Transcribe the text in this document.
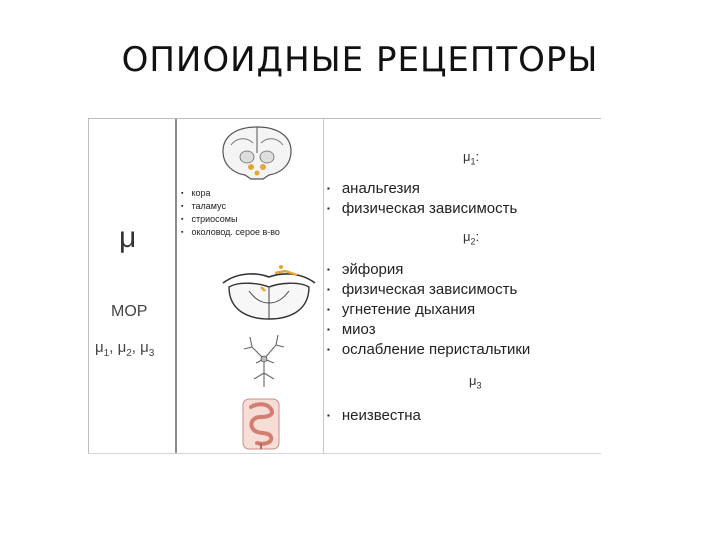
ОПИОИДНЫЕ РЕЦЕПТОРЫ
μ
MOP
$\mu_1$, $\mu_2$, $\mu_3$
▪ кора
▪ таламус
▪ стриосомы
▪ околовод. серое в-во
$\mu_1$:
▪ анальгезия
▪ физическая зависимость
$\mu_2$:
▪ эйфория
▪ физическая зависимость
▪ угнетение дыхания
▪ миоз
▪ ослабление перистальтики
$\mu_3$
▪ неизвестна
